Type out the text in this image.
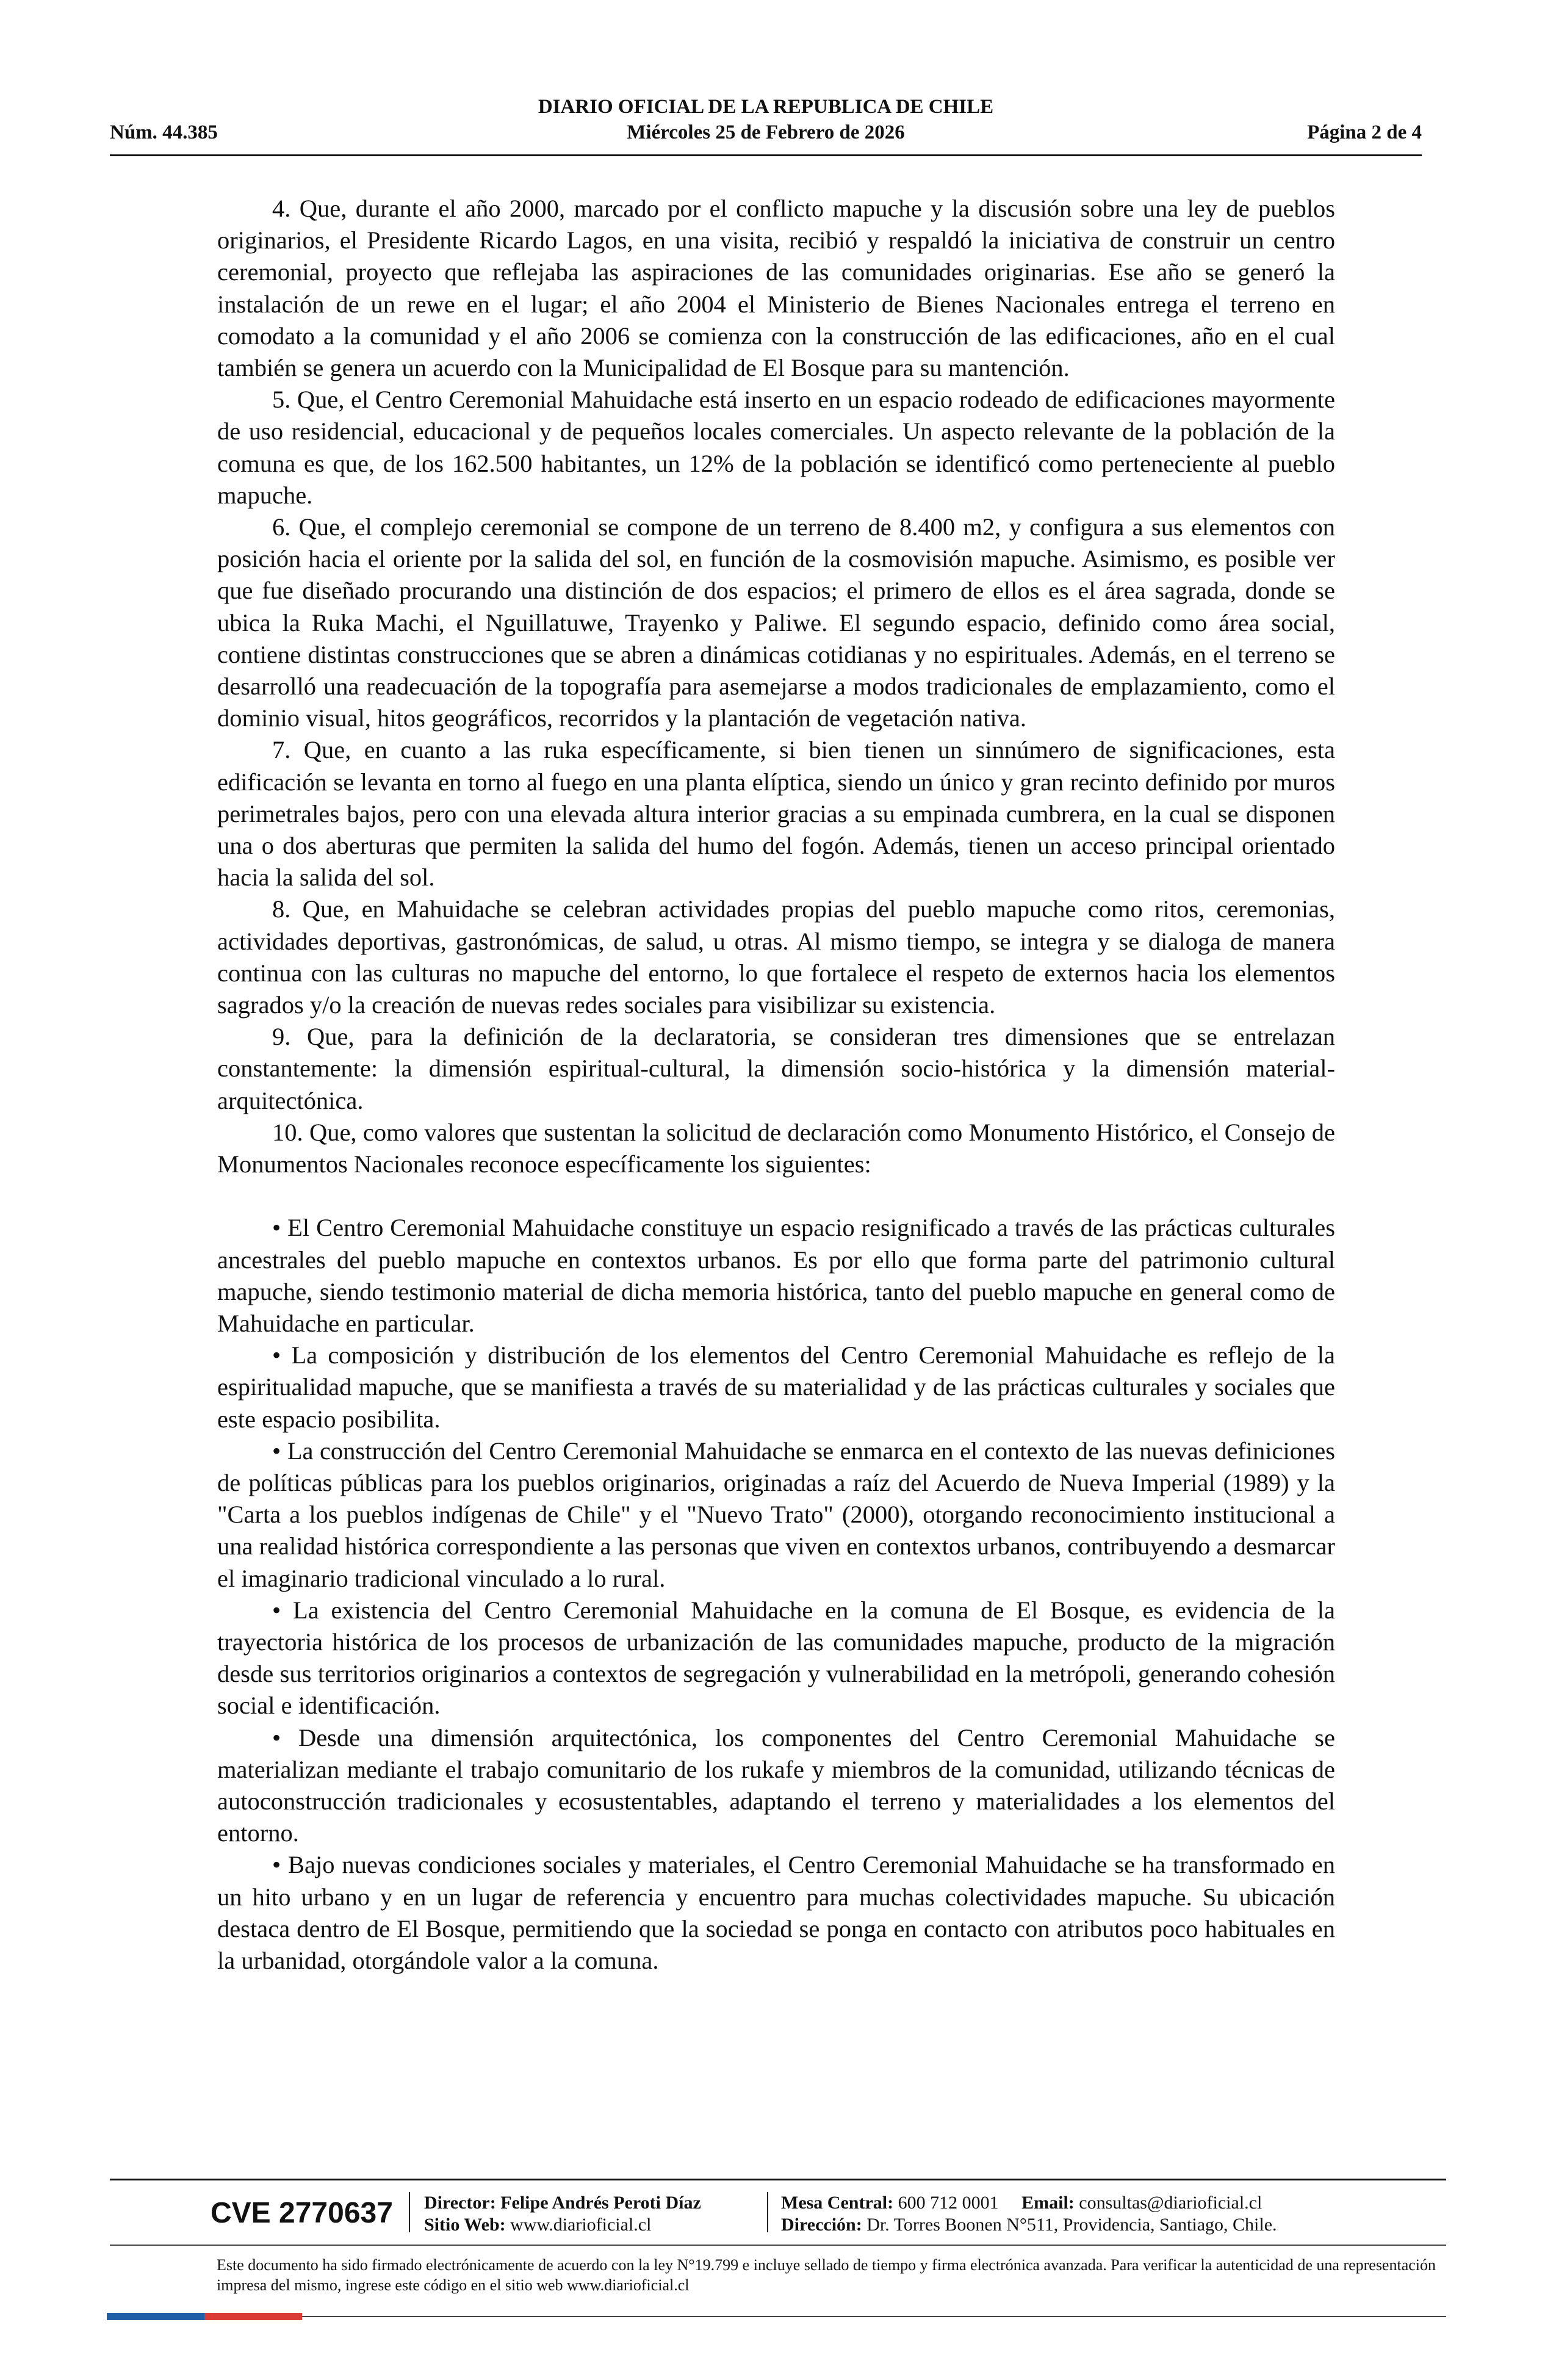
DIARIO OFICIAL DE LA REPUBLICA DE CHILE
Núm. 44.385	Miércoles 25 de Febrero de 2026	Página 2 de 4

4. Que, durante el año 2000, marcado por el conflicto mapuche y la discusión sobre una ley de pueblos originarios, el Presidente Ricardo Lagos, en una visita, recibió y respaldó la iniciativa de construir un centro ceremonial, proyecto que reflejaba las aspiraciones de las comunidades originarias. Ese año se generó la instalación de un rewe en el lugar; el año 2004 el Ministerio de Bienes Nacionales entrega el terreno en comodato a la comunidad y el año 2006 se comienza con la construcción de las edificaciones, año en el cual también se genera un acuerdo con la Municipalidad de El Bosque para su mantención.

5. Que, el Centro Ceremonial Mahuidache está inserto en un espacio rodeado de edificaciones mayormente de uso residencial, educacional y de pequeños locales comerciales. Un aspecto relevante de la población de la comuna es que, de los 162.500 habitantes, un 12% de la población se identificó como perteneciente al pueblo mapuche.

6. Que, el complejo ceremonial se compone de un terreno de 8.400 m2, y configura a sus elementos con posición hacia el oriente por la salida del sol, en función de la cosmovisión mapuche. Asimismo, es posible ver que fue diseñado procurando una distinción de dos espacios; el primero de ellos es el área sagrada, donde se ubica la Ruka Machi, el Nguillatuwe, Trayenko y Paliwe. El segundo espacio, definido como área social, contiene distintas construcciones que se abren a dinámicas cotidianas y no espirituales. Además, en el terreno se desarrolló una readecuación de la topografía para asemejarse a modos tradicionales de emplazamiento, como el dominio visual, hitos geográficos, recorridos y la plantación de vegetación nativa.

7. Que, en cuanto a las ruka específicamente, si bien tienen un sinnúmero de significaciones, esta edificación se levanta en torno al fuego en una planta elíptica, siendo un único y gran recinto definido por muros perimetrales bajos, pero con una elevada altura interior gracias a su empinada cumbrera, en la cual se disponen una o dos aberturas que permiten la salida del humo del fogón. Además, tienen un acceso principal orientado hacia la salida del sol.

8. Que, en Mahuidache se celebran actividades propias del pueblo mapuche como ritos, ceremonias, actividades deportivas, gastronómicas, de salud, u otras. Al mismo tiempo, se integra y se dialoga de manera continua con las culturas no mapuche del entorno, lo que fortalece el respeto de externos hacia los elementos sagrados y/o la creación de nuevas redes sociales para visibilizar su existencia.

9. Que, para la definición de la declaratoria, se consideran tres dimensiones que se entrelazan constantemente: la dimensión espiritual-cultural, la dimensión socio-histórica y la dimensión material-arquitectónica.

10. Que, como valores que sustentan la solicitud de declaración como Monumento Histórico, el Consejo de Monumentos Nacionales reconoce específicamente los siguientes:

• El Centro Ceremonial Mahuidache constituye un espacio resignificado a través de las prácticas culturales ancestrales del pueblo mapuche en contextos urbanos. Es por ello que forma parte del patrimonio cultural mapuche, siendo testimonio material de dicha memoria histórica, tanto del pueblo mapuche en general como de Mahuidache en particular.

• La composición y distribución de los elementos del Centro Ceremonial Mahuidache es reflejo de la espiritualidad mapuche, que se manifiesta a través de su materialidad y de las prácticas culturales y sociales que este espacio posibilita.

• La construcción del Centro Ceremonial Mahuidache se enmarca en el contexto de las nuevas definiciones de políticas públicas para los pueblos originarios, originadas a raíz del Acuerdo de Nueva Imperial (1989) y la "Carta a los pueblos indígenas de Chile" y el "Nuevo Trato" (2000), otorgando reconocimiento institucional a una realidad histórica correspondiente a las personas que viven en contextos urbanos, contribuyendo a desmarcar el imaginario tradicional vinculado a lo rural.

• La existencia del Centro Ceremonial Mahuidache en la comuna de El Bosque, es evidencia de la trayectoria histórica de los procesos de urbanización de las comunidades mapuche, producto de la migración desde sus territorios originarios a contextos de segregación y vulnerabilidad en la metrópoli, generando cohesión social e identificación.

• Desde una dimensión arquitectónica, los componentes del Centro Ceremonial Mahuidache se materializan mediante el trabajo comunitario de los rukafe y miembros de la comunidad, utilizando técnicas de autoconstrucción tradicionales y ecosustentables, adaptando el terreno y materialidades a los elementos del entorno.

• Bajo nuevas condiciones sociales y materiales, el Centro Ceremonial Mahuidache se ha transformado en un hito urbano y en un lugar de referencia y encuentro para muchas colectividades mapuche. Su ubicación destaca dentro de El Bosque, permitiendo que la sociedad se ponga en contacto con atributos poco habituales en la urbanidad, otorgándole valor a la comuna.

CVE 2770637 Director: Felipe Andrés Peroti Díaz
Sitio Web: www.diarioficial.cl
Mesa Central: 600 712 0001 Email: consultas@diarioficial.cl
Dirección: Dr. Torres Boonen N°511, Providencia, Santiago, Chile.
Este documento ha sido firmado electrónicamente de acuerdo con la ley N°19.799 e incluye sellado de tiempo y firma electrónica avanzada. Para verificar la autenticidad de una representación impresa del mismo, ingrese este código en el sitio web www.diarioficial.cl
